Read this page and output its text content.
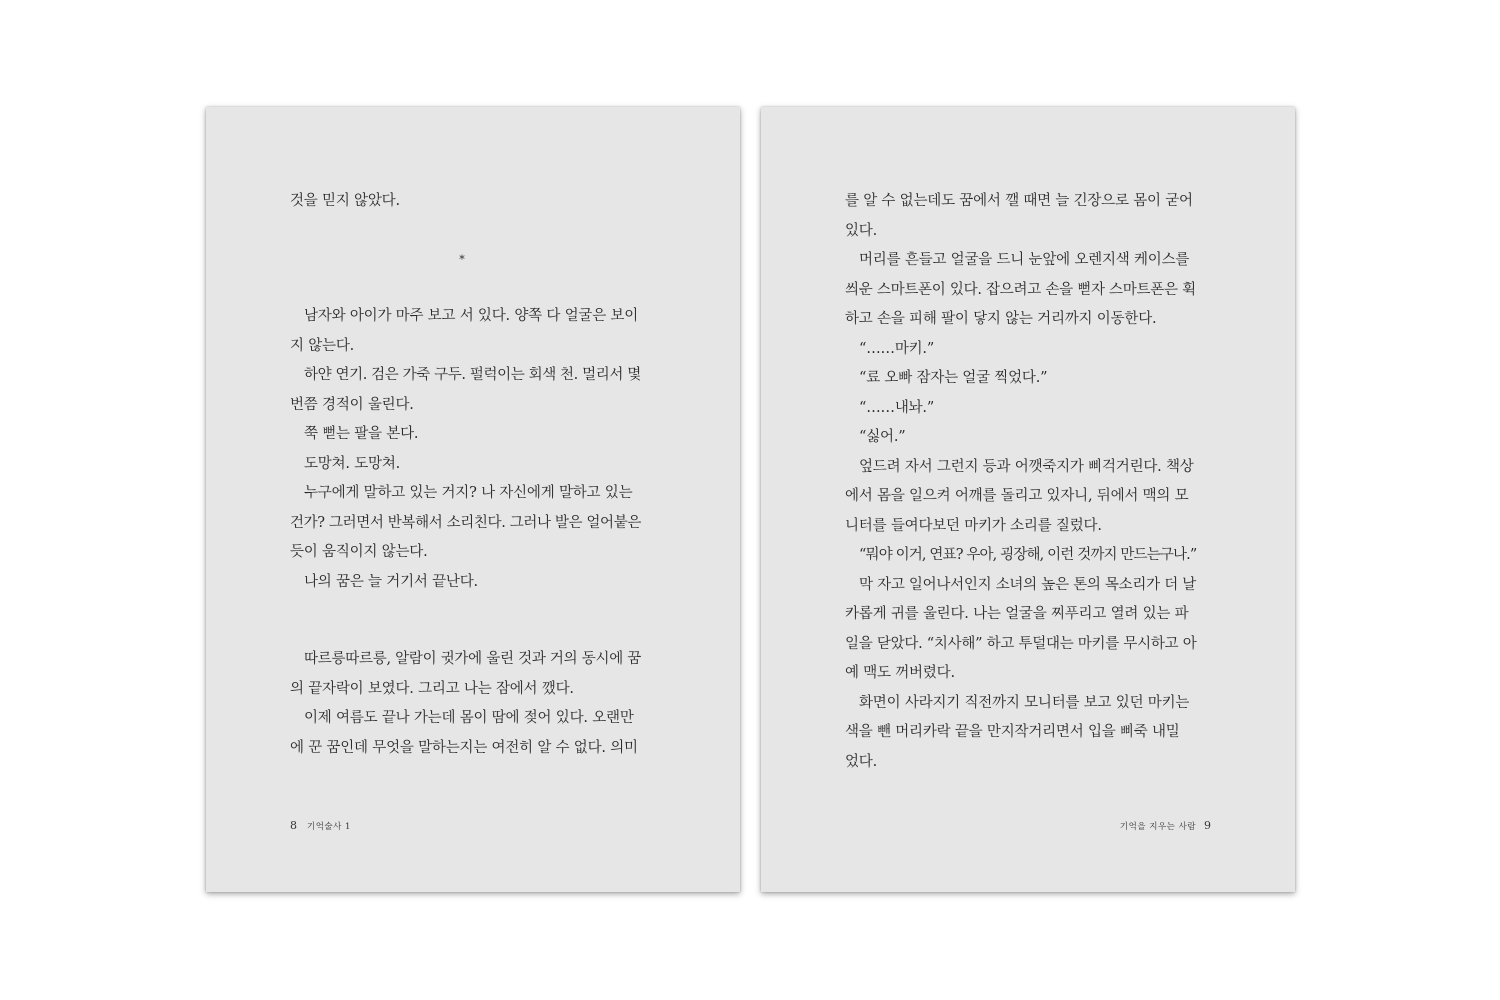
것을 믿지 않았다.
*
남자와 아이가 마주 보고 서 있다. 양쪽 다 얼굴은 보이
지 않는다.
하얀 연기. 검은 가죽 구두. 펄럭이는 회색 천. 멀리서 몇
번쯤 경적이 울린다.
쭉 뻗는 팔을 본다.
도망쳐. 도망쳐.
누구에게 말하고 있는 거지? 나 자신에게 말하고 있는
건가? 그러면서 반복해서 소리친다. 그러나 발은 얼어붙은
듯이 움직이지 않는다.
나의 꿈은 늘 거기서 끝난다.
따르릉따르릉, 알람이 귓가에 울린 것과 거의 동시에 꿈
의 끝자락이 보였다. 그리고 나는 잠에서 깼다.
이제 여름도 끝나 가는데 몸이 땀에 젖어 있다. 오랜만
에 꾼 꿈인데 무엇을 말하는지는 여전히 알 수 없다. 의미
8 기억술사 1
를 알 수 없는데도 꿈에서 깰 때면 늘 긴장으로 몸이 굳어
있다.
머리를 흔들고 얼굴을 드니 눈앞에 오렌지색 케이스를
씌운 스마트폰이 있다. 잡으려고 손을 뻗자 스마트폰은 휙
하고 손을 피해 팔이 닿지 않는 거리까지 이동한다.
“……마키.”
“료 오빠 잠자는 얼굴 찍었다.”
“……내놔.”
“싫어.”
엎드려 자서 그런지 등과 어깻죽지가 삐걱거린다. 책상
에서 몸을 일으켜 어깨를 돌리고 있자니, 뒤에서 맥의 모
니터를 들여다보던 마키가 소리를 질렀다.
“뭐야 이거, 연표? 우아, 굉장해, 이런 것까지 만드는구나.”
막 자고 일어나서인지 소녀의 높은 톤의 목소리가 더 날
카롭게 귀를 울린다. 나는 얼굴을 찌푸리고 열려 있는 파
일을 닫았다. “치사해” 하고 투덜대는 마키를 무시하고 아
예 맥도 꺼버렸다.
화면이 사라지기 직전까지 모니터를 보고 있던 마키는
색을 뺀 머리카락 끝을 만지작거리면서 입을 삐죽 내밀
었다.
기억을 지우는 사람 9
